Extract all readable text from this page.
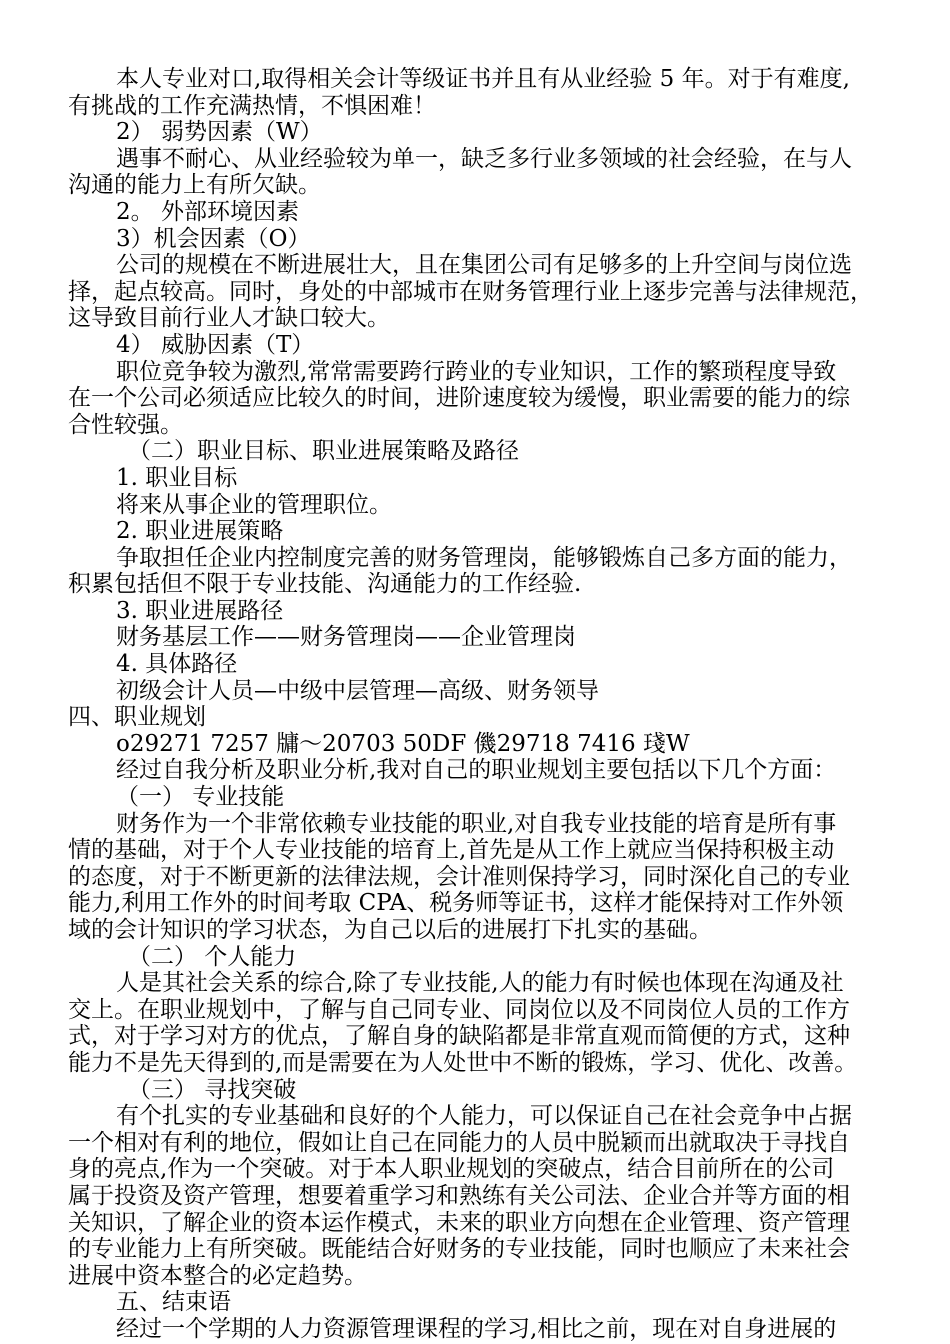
本人专业对口,取得相关会计等级证书并且有从业经验 5 年。对于有难度,
有挑战的工作充满热情，不惧困难！
2） 弱势因素（W）
遇事不耐心、从业经验较为单一，缺乏多行业多领域的社会经验，在与人
沟通的能力上有所欠缺。
2。 外部环境因素
3）机会因素（O）
公司的规模在不断进展壮大，且在集团公司有足够多的上升空间与岗位选
择，起点较高。同时，身处的中部城市在财务管理行业上逐步完善与法律规范，
这导致目前行业人才缺口较大。
4） 威胁因素（T）
职位竞争较为激烈,常常需要跨行跨业的专业知识，工作的繁琐程度导致
在一个公司必须适应比较久的时间，进阶速度较为缓慢，职业需要的能力的综
合性较强。
（二）职业目标、职业进展策略及路径
1. 职业目标
将来从事企业的管理职位。
2. 职业进展策略
争取担任企业内控制度完善的财务管理岗，能够锻炼自己多方面的能力，
积累包括但不限于专业技能、沟通能力的工作经验.
3. 职业进展路径
财务基层工作——财务管理岗——企业管理岗
4. 具体路径
初级会计人员—中级中层管理—高级、财务领导
四、职业规划
o29271 7257 牗～20703 50DF 僟29718 7416 琖W
经过自我分析及职业分析,我对自己的职业规划主要包括以下几个方面：
（一） 专业技能
财务作为一个非常依赖专业技能的职业,对自我专业技能的培育是所有事
情的基础，对于个人专业技能的培育上,首先是从工作上就应当保持积极主动
的态度，对于不断更新的法律法规，会计准则保持学习，同时深化自己的专业
能力,利用工作外的时间考取 CPA、税务师等证书，这样才能保持对工作外领
域的会计知识的学习状态，为自己以后的进展打下扎实的基础。
（二） 个人能力
人是其社会关系的综合,除了专业技能,人的能力有时候也体现在沟通及社
交上。在职业规划中，了解与自己同专业、同岗位以及不同岗位人员的工作方
式，对于学习对方的优点，了解自身的缺陷都是非常直观而简便的方式，这种
能力不是先天得到的,而是需要在为人处世中不断的锻炼，学习、优化、改善。
（三） 寻找突破
有个扎实的专业基础和良好的个人能力，可以保证自己在社会竞争中占据
一个相对有利的地位，假如让自己在同能力的人员中脱颖而出就取决于寻找自
身的亮点,作为一个突破。对于本人职业规划的突破点，结合目前所在的公司
属于投资及资产管理，想要着重学习和熟练有关公司法、企业合并等方面的相
关知识，了解企业的资本运作模式，未来的职业方向想在企业管理、资产管理
的专业能力上有所突破。既能结合好财务的专业技能，同时也顺应了未来社会
进展中资本整合的必定趋势。
五、结束语
经过一个学期的人力资源管理课程的学习,相比之前，现在对自身进展的
